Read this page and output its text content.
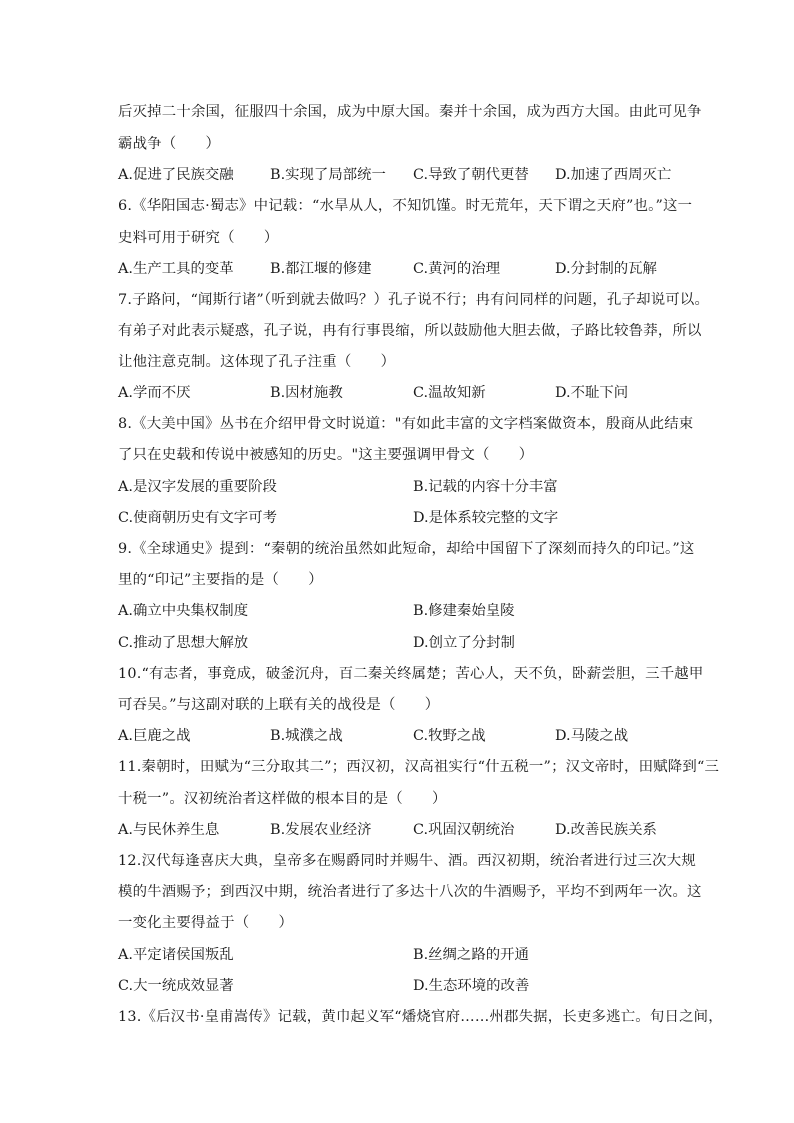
后灭掉二十余国，征服四十余国，成为中原大国。秦并十余国，成为西方大国。由此可见争
霸战争（　　）
A.促进了民族交融	B.实现了局部统一 C.导致了朝代更替 D.加速了西周灭亡
6.《华阳国志·蜀志》中记载：“水旱从人，不知饥馑。时无荒年，天下谓之天府”也。”这一
史料可用于研究（　　）
A.生产工具的变革	B.都江堰的修建	C.黄河的治理	D.分封制的瓦解
7.子路问，“闻斯行诸”（听到就去做吗？）孔子说不行；冉有问同样的问题，孔子却说可以。
有弟子对此表示疑惑，孔子说，冉有行事畏缩，所以鼓励他大胆去做，子路比较鲁莽，所以
让他注意克制。这体现了孔子注重（　　）
A.学而不厌	B.因材施教	C.温故知新	D.不耻下问
8.《大美中国》丛书在介绍甲骨文时说道："有如此丰富的文字档案做资本，殷商从此结束
了只在史载和传说中被感知的历史。"这主要强调甲骨文（　　）
A.是汉字发展的重要阶段	B.记载的内容十分丰富
C.使商朝历史有文字可考	D.是体系较完整的文字
9.《全球通史》提到：“秦朝的统治虽然如此短命，却给中国留下了深刻而持久的印记。”这
里的“印记”主要指的是（　　）
A.确立中央集权制度	B.修建秦始皇陵
C.推动了思想大解放	D.创立了分封制
10.“有志者，事竟成，破釜沉舟，百二秦关终属楚；苦心人，天不负，卧薪尝胆，三千越甲
可吞吴。”与这副对联的上联有关的战役是（　　）
A.巨鹿之战	B.城濮之战	C.牧野之战	D.马陵之战
11.秦朝时，田赋为“三分取其二”；西汉初，汉高祖实行“什五税一”；汉文帝时，田赋降到“三
十税一”。汉初统治者这样做的根本目的是（　　）
A.与民休养生息	B.发展农业经济	C.巩固汉朝统治	D.改善民族关系
12.汉代每逢喜庆大典，皇帝多在赐爵同时并赐牛、酒。西汉初期，统治者进行过三次大规
模的牛酒赐予；到西汉中期，统治者进行了多达十八次的牛酒赐予，平均不到两年一次。这
一变化主要得益于（　　）
A.平定诸侯国叛乱	B.丝绸之路的开通
C.大一统成效显著	D.生态环境的改善
13.《后汉书·皇甫嵩传》记载，黄巾起义军“燔烧官府……州郡失据，长吏多逃亡。旬日之间，
